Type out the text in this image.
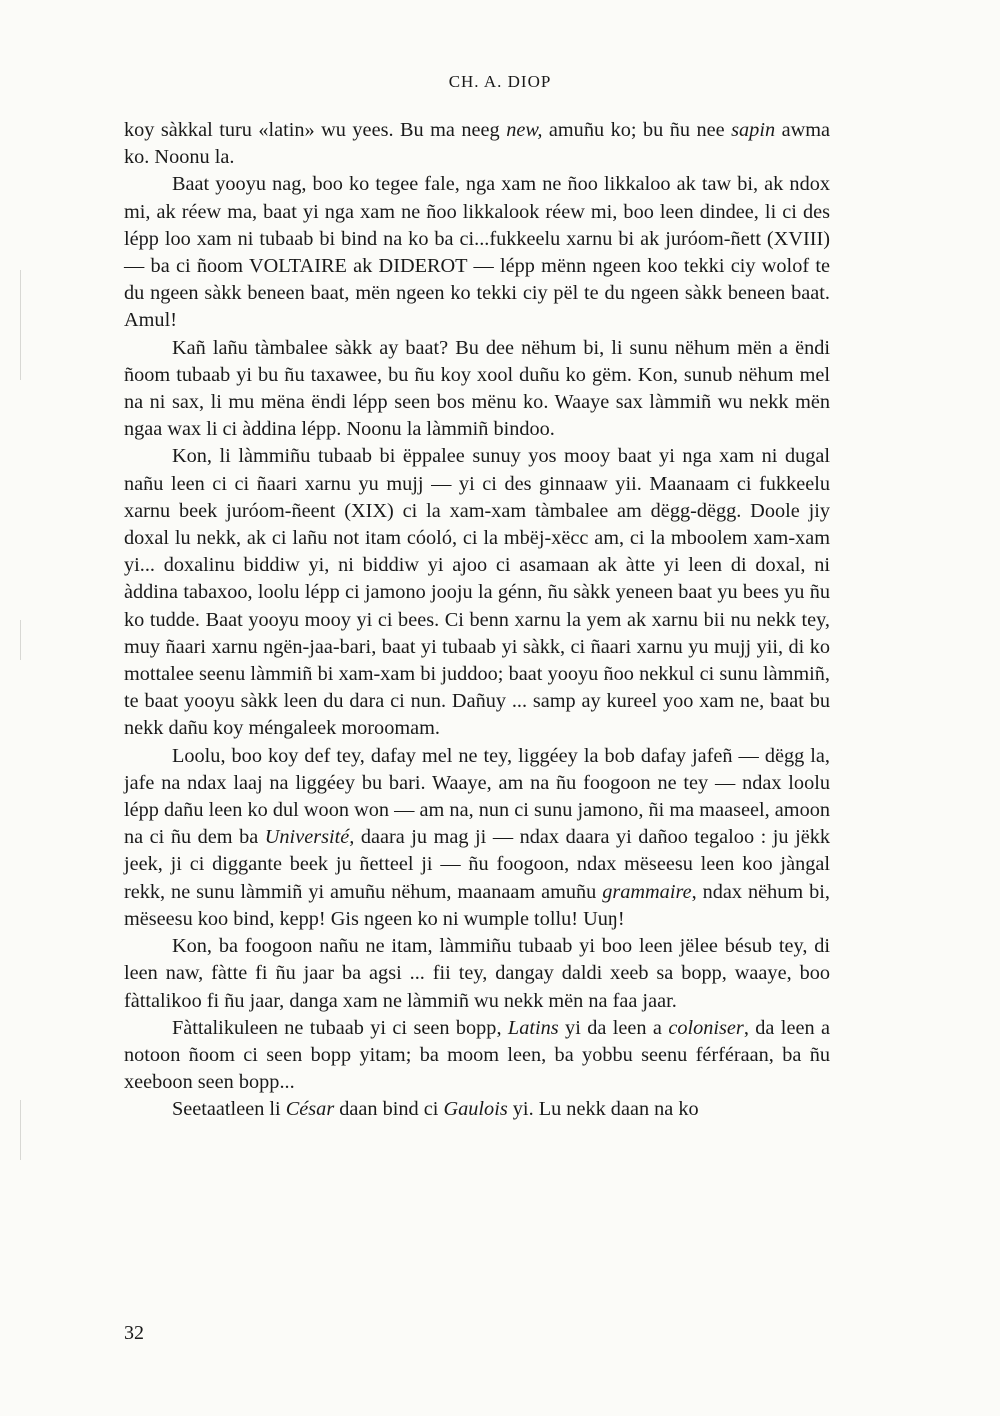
CH. A. DIOP

koy sàkkal turu «latin» wu yees. Bu ma neeg new, amuñu ko; bu ñu nee sapin awma ko. Noonu la.

Baat yooyu nag, boo ko tegee fale, nga xam ne ñoo likkaloo ak taw bi, ak ndox mi, ak réew ma, baat yi nga xam ne ñoo likkalook réew mi, boo leen dindee, li ci des lépp loo xam ni tubaab bi bind na ko ba ci...fukkeelu xarnu bi ak juróom-ñett (XVIII) — ba ci ñoom VOLTAIRE ak DIDEROT — lépp mënn ngeen koo tekki ciy wolof te du ngeen sàkk beneen baat, mën ngeen ko tekki ciy pël te du ngeen sàkk beneen baat. Amul!

Kañ lañu tàmbalee sàkk ay baat? Bu dee nëhum bi, li sunu nëhum mën a ëndi ñoom tubaab yi bu ñu taxawee, bu ñu koy xool duñu ko gëm. Kon, sunub nëhum mel na ni sax, li mu mëna ëndi lépp seen bos mënu ko. Waaye sax làmmiñ wu nekk mën ngaa wax li ci àddina lépp. Noonu la làmmiñ bindoo.

Kon, li làmmiñu tubaab bi ëppalee sunuy yos mooy baat yi nga xam ni dugal nañu leen ci ci ñaari xarnu yu mujj — yi ci des ginnaaw yii. Maanaam ci fukkeelu xarnu beek juróom-ñeent (XIX) ci la xam-xam tàmbalee am dëgg-dëgg. Doole jiy doxal lu nekk, ak ci lañu not itam cóoló, ci la mbëj-xëcc am, ci la mboolem xam-xam yi... doxalinu biddiw yi, ni biddiw yi ajoo ci asamaan ak àtte yi leen di doxal, ni àddina tabaxoo, loolu lépp ci jamono jooju la génn, ñu sàkk yeneen baat yu bees yu ñu ko tudde. Baat yooyu mooy yi ci bees. Ci benn xarnu la yem ak xarnu bii nu nekk tey, muy ñaari xarnu ngën-jaa-bari, baat yi tubaab yi sàkk, ci ñaari xarnu yu mujj yii, di ko mottalee seenu làmmiñ bi xam-xam bi juddoo; baat yooyu ñoo nekkul ci sunu làmmiñ, te baat yooyu sàkk leen du dara ci nun. Dañuy ... samp ay kureel yoo xam ne, baat bu nekk dañu koy méngaleek moroomam.

Loolu, boo koy def tey, dafay mel ne tey, liggéey la bob dafay jafeñ — dëgg la, jafe na ndax laaj na liggéey bu bari. Waaye, am na ñu foogoon ne tey — ndax loolu lépp dañu leen ko dul woon won — am na, nun ci sunu jamono, ñi ma maaseel, amoon na ci ñu dem ba Université, daara ju mag ji — ndax daara yi dañoo tegaloo : ju jëkk jeek, ji ci diggante beek ju ñetteel ji — ñu foogoon, ndax mëseesu leen koo jàngal rekk, ne sunu làmmiñ yi amuñu nëhum, maanaam amuñu grammaire, ndax nëhum bi, mëseesu koo bind, kepp! Gis ngeen ko ni wumple tollu! Uuŋ!

Kon, ba foogoon nañu ne itam, làmmiñu tubaab yi boo leen jëlee bésub tey, di leen naw, fàtte fi ñu jaar ba agsi ... fii tey, dangay daldi xeeb sa bopp, waaye, boo fàttalikoo fi ñu jaar, danga xam ne làmmiñ wu nekk mën na faa jaar.

Fàttalikuleen ne tubaab yi ci seen bopp, Latins yi da leen a coloniser, da leen a notoon ñoom ci seen bopp yitam; ba moom leen, ba yobbu seenu férféraan, ba ñu xeeboon seen bopp...

Seetaatleen li César daan bind ci Gaulois yi. Lu nekk daan na ko

32
